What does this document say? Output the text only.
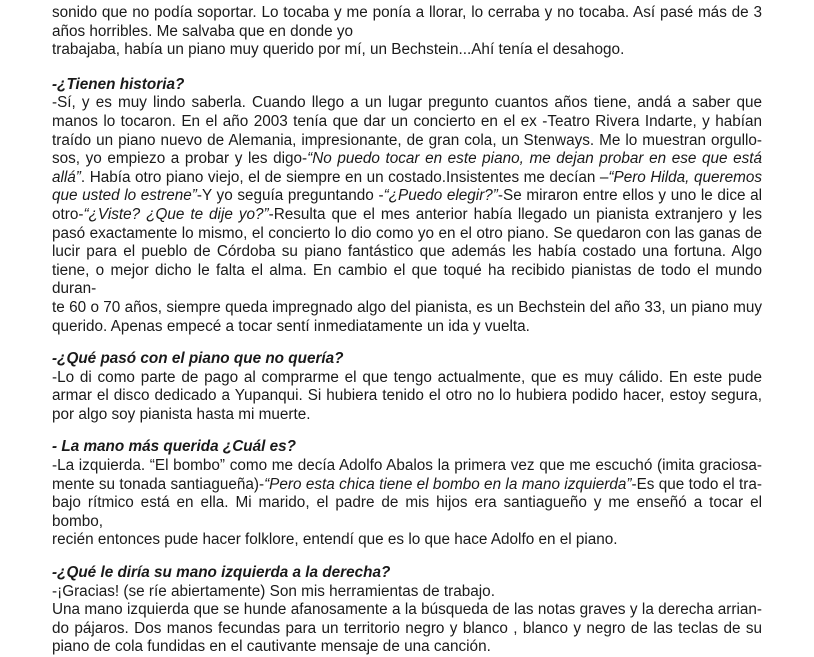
sonido que no podía soportar. Lo tocaba y me ponía a llorar, lo cerraba y no tocaba. Así pasé más de 3
años horribles. Me salvaba que en donde yo
trabajaba, había un piano muy querido por mí, un Bechstein...Ahí tenía el desahogo.
-¿Tienen historia?
-Sí, y es muy lindo saberla. Cuando llego a un lugar pregunto cuantos años tiene, andá a saber que
manos lo tocaron. En el año 2003 tenía que dar un concierto en el ex -Teatro Rivera Indarte, y habían
traído un piano nuevo de Alemania, impresionante, de gran cola, un Stenways. Me lo muestran orgullo-
sos, yo empiezo a probar y les digo-“No puedo tocar en este piano, me dejan probar en ese que está
allá”. Había otro piano viejo, el de siempre en un costado.Insistentes me decían –“Pero Hilda, queremos
que usted lo estrene”-Y yo seguía preguntando -“¿Puedo elegir?”-Se miraron entre ellos y uno le dice al
otro-“¿Viste? ¿Que te dije yo?”-Resulta que el mes anterior había llegado un pianista extranjero y les
pasó exactamente lo mismo, el concierto lo dio como yo en el otro piano. Se quedaron con las ganas de
lucir para el pueblo de Córdoba su piano fantástico que además les había costado una fortuna. Algo
tiene, o mejor dicho le falta el alma. En cambio el que toqué ha recibido pianistas de todo el mundo duran-
te 60 o 70 años, siempre queda impregnado algo del pianista, es un Bechstein del año 33, un piano muy
querido. Apenas empecé a tocar sentí inmediatamente un ida y vuelta.
-¿Qué pasó con el piano que no quería?
-Lo di como parte de pago al comprarme el que tengo actualmente, que es muy cálido. En este pude
armar el disco dedicado a Yupanqui. Si hubiera tenido el otro no lo hubiera podido hacer, estoy segura,
por algo soy pianista hasta mi muerte.
- La mano más querida ¿Cuál es?
-La izquierda. “El bombo” como me decía Adolfo Abalos la primera vez que me escuchó (imita graciosa-
mente su tonada santiagueña)-“Pero esta chica tiene el bombo en la mano izquierda”-Es que todo el tra-
bajo rítmico está en ella. Mi marido, el padre de mis hijos era santiagueño y me enseñó a tocar el bombo,
recién entonces pude hacer folklore, entendí que es lo que hace Adolfo en el piano.
-¿Qué le diría su mano izquierda a la derecha?
-¡Gracias! (se ríe abiertamente) Son mis herramientas de trabajo.
Una mano izquierda que se hunde afanosamente a la búsqueda de las notas graves y la derecha arrian-
do pájaros. Dos manos fecundas para un territorio negro y blanco , blanco y negro de las teclas de su
piano de cola fundidas en el cautivante mensaje de una canción.
